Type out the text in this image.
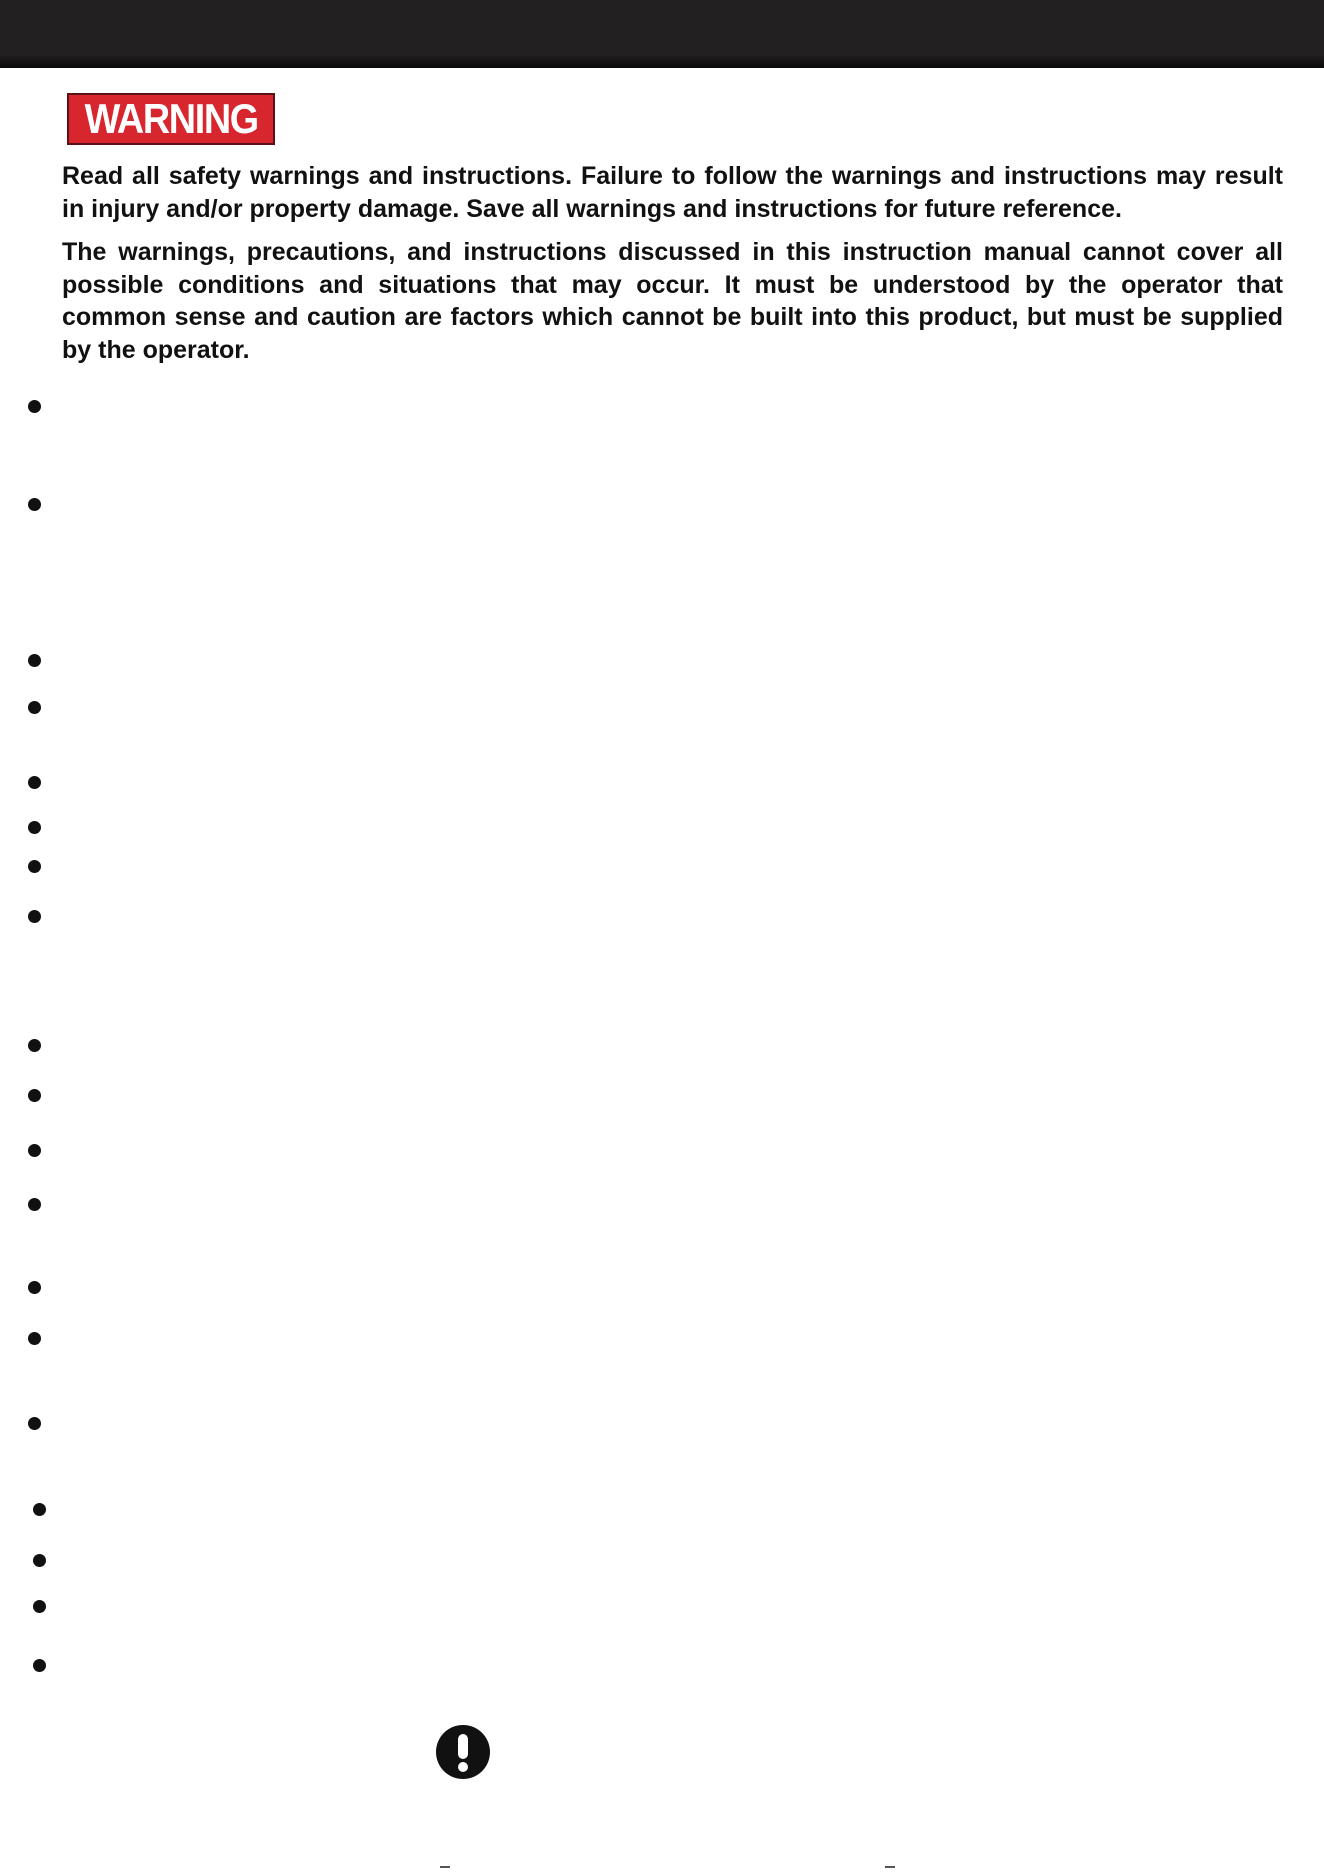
WARNING

Read all safety warnings and instructions. Failure to follow the warnings and instructions may result in injury and/or property damage. Save all warnings and instructions for future reference.

The warnings, precautions, and instructions discussed in this instruction manual cannot cover all possible conditions and situations that may occur. It must be understood by the operator that common sense and caution are factors which cannot be built into this product, but must be supplied by the operator.
